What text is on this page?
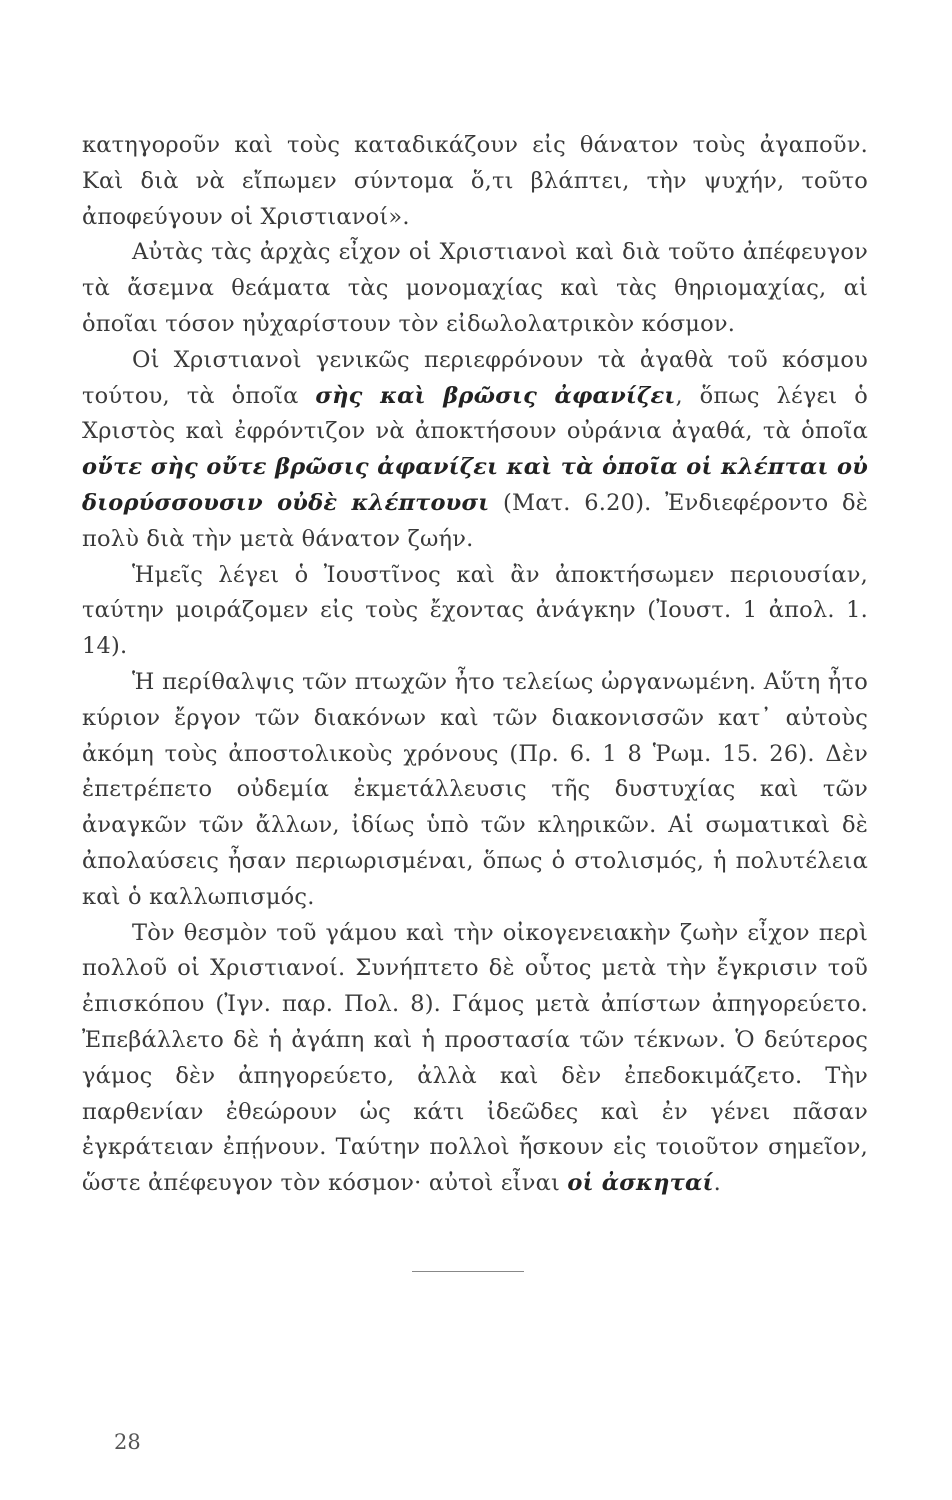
κατηγοροῦν καὶ τοὺς καταδικάζουν εἰς θάνατον τοὺς ἀγαποῦν. Καὶ διὰ νὰ εἴπωμεν σύντομα ὅ,τι βλάπτει, τὴν ψυχήν, τοῦτο ἀποφεύγουν οἱ Χριστιανοί».

Αὐτὰς τὰς ἀρχὰς εἶχον οἱ Χριστιανοὶ καὶ διὰ τοῦτο ἀπέφευγον τὰ ἄσεμνα θεάματα τὰς μονομαχίας καὶ τὰς θηριομαχίας, αἱ ὁποῖαι τόσον ηὐχαρίστουν τὸν εἰδωλολατρικὸν κόσμον.

Οἱ Χριστιανοὶ γενικῶς περιεφρόνουν τὰ ἀγαθὰ τοῦ κόσμου τούτου, τὰ ὁποῖα σὴς καὶ βρῶσις ἀφανίζει, ὅπως λέγει ὁ Χριστὸς καὶ ἐφρόντιζον νὰ ἀποκτήσουν οὐράνια ἀγαθά, τὰ ὁποῖα οὔτε σὴς οὔτε βρῶσις ἀφανίζει καὶ τὰ ὁποῖα οἱ κλέπται οὐ διορύσσουσιν οὐδὲ κλέπτουσι (Ματ. 6.20). Ἐνδιεφέροντο δὲ πολὺ διὰ τὴν μετὰ θάνατον ζωήν.

Ἡμεῖς λέγει ὁ Ἰουστῖνος καὶ ἂν ἀποκτήσωμεν περιουσίαν, ταύτην μοιράζομεν εἰς τοὺς ἔχοντας ἀνάγκην (Ἰουστ. 1 ἀπολ. 1. 14).

Ἡ περίθαλψις τῶν πτωχῶν ἦτο τελείως ὠργανωμένη. Αὕτη ἦτο κύριον ἔργον τῶν διακόνων καὶ τῶν διακονισσῶν κατ᾽ αὐτοὺς ἀκόμη τοὺς ἀποστολικοὺς χρόνους (Πρ. 6. 1 8 Ῥωμ. 15. 26). Δὲν ἐπετρέπετο οὐδεμία ἐκμετάλλευσις τῆς δυστυχίας καὶ τῶν ἀναγκῶν τῶν ἄλλων, ἰδίως ὑπὸ τῶν κληρικῶν. Αἱ σωματικαὶ δὲ ἀπολαύσεις ἦσαν περιωρισμέναι, ὅπως ὁ στολισμός, ἡ πολυτέλεια καὶ ὁ καλλωπισμός.

Τὸν θεσμὸν τοῦ γάμου καὶ τὴν οἰκογενειακὴν ζωὴν εἶχον περὶ πολλοῦ οἱ Χριστιανοί. Συνήπτετο δὲ οὗτος μετὰ τὴν ἔγκρισιν τοῦ ἐπισκόπου (Ἰγν. παρ. Πολ. 8). Γάμος μετὰ ἀπίστων ἀπηγορεύετο. Ἐπεβάλλετο δὲ ἡ ἀγάπη καὶ ἡ προστασία τῶν τέκνων. Ὁ δεύτερος γάμος δὲν ἀπηγορεύετο, ἀλλὰ καὶ δὲν ἐπεδοκιμάζετο. Τὴν παρθενίαν ἐθεώρουν ὡς κάτι ἰδεῶδες καὶ ἐν γένει πᾶσαν ἐγκράτειαν ἐπῄνουν. Ταύτην πολλοὶ ἤσκουν εἰς τοιοῦτον σημεῖον, ὥστε ἀπέφευγον τὸν κόσμον· αὐτοὶ εἶναι οἱ ἀσκηταί.

28
